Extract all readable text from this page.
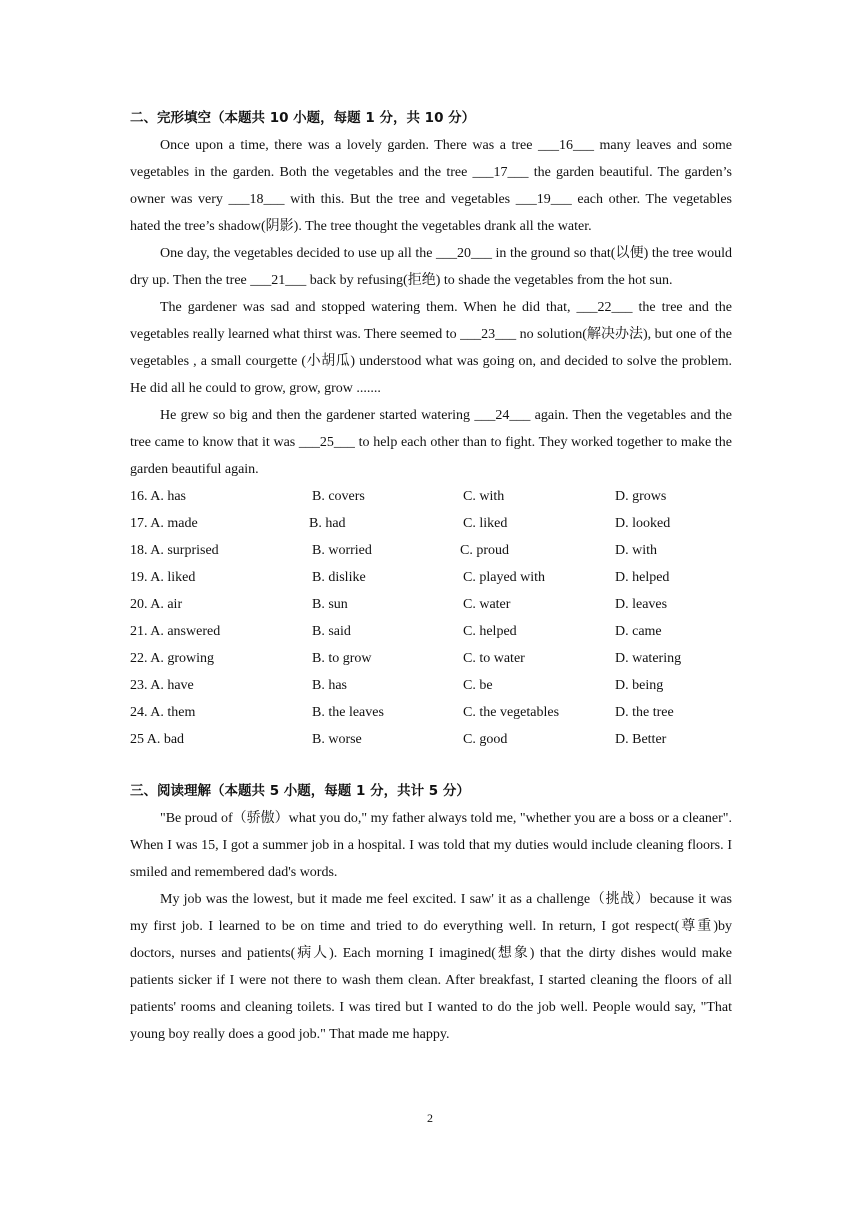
二、完形填空（本题共 10 小题，每题 1 分，共 10 分）

Once upon a time, there was a lovely garden. There was a tree ___16___ many leaves and some vegetables in the garden. Both the vegetables and the tree ___17___ the garden beautiful. The garden’s owner was very ___18___ with this. But the tree and vegetables ___19___ each other. The vegetables hated the tree’s shadow(阴影). The tree thought the vegetables drank all the water.

One day, the vegetables decided to use up all the ___20___ in the ground so that(以便) the tree would dry up. Then the tree ___21___ back by refusing(拒绝) to shade the vegetables from the hot sun.

The gardener was sad and stopped watering them. When he did that, ___22___ the tree and the vegetables really learned what thirst was. There seemed to ___23___ no solution(解决办法), but one of the vegetables , a small courgette (小胡瓜) understood what was going on, and decided to solve the problem. He did all he could to grow, grow, grow .......

He grew so big and then the gardener started watering ___24___ again. Then the vegetables and the tree came to know that it was ___25___ to help each other than to fight. They worked together to make the garden beautiful again.

16. A. has	B. covers	C. with	D. grows
17. A. made	B. had	C. liked	D. looked
18. A. surprised	B. worried	C. proud	D. with
19. A. liked	B. dislike	C. played with	D. helped
20. A. air	B. sun	C. water	D. leaves
21. A. answered	B. said	C. helped	D. came
22. A. growing	B. to grow	C. to water	D. watering
23. A. have	B. has	C. be	D. being
24. A. them	B. the leaves	C. the vegetables	D. the tree
25 A. bad	B. worse	C. good	D. Better
三、阅读理解（本题共 5 小题，每题 1 分，共计 5 分）

"Be proud of（骄傲）what you do," my father always told me, "whether you are a boss or a cleaner". When I was 15, I got a summer job in a hospital. I was told that my duties would include cleaning floors. I smiled and remembered dad's words.

My job was the lowest, but it made me feel excited. I saw' it as a challenge（挑战）because it was my first job. I learned to be on time and tried to do everything well. In return, I got respect(尊重)by doctors, nurses and patients(病人). Each morning I imagined(想象) that the dirty dishes would make patients sicker if I were not there to wash them clean. After breakfast, I started cleaning the floors of all patients' rooms and cleaning toilets. I was tired but I wanted to do the job well. People would say, "That young boy really does a good job." That made me happy.

2
